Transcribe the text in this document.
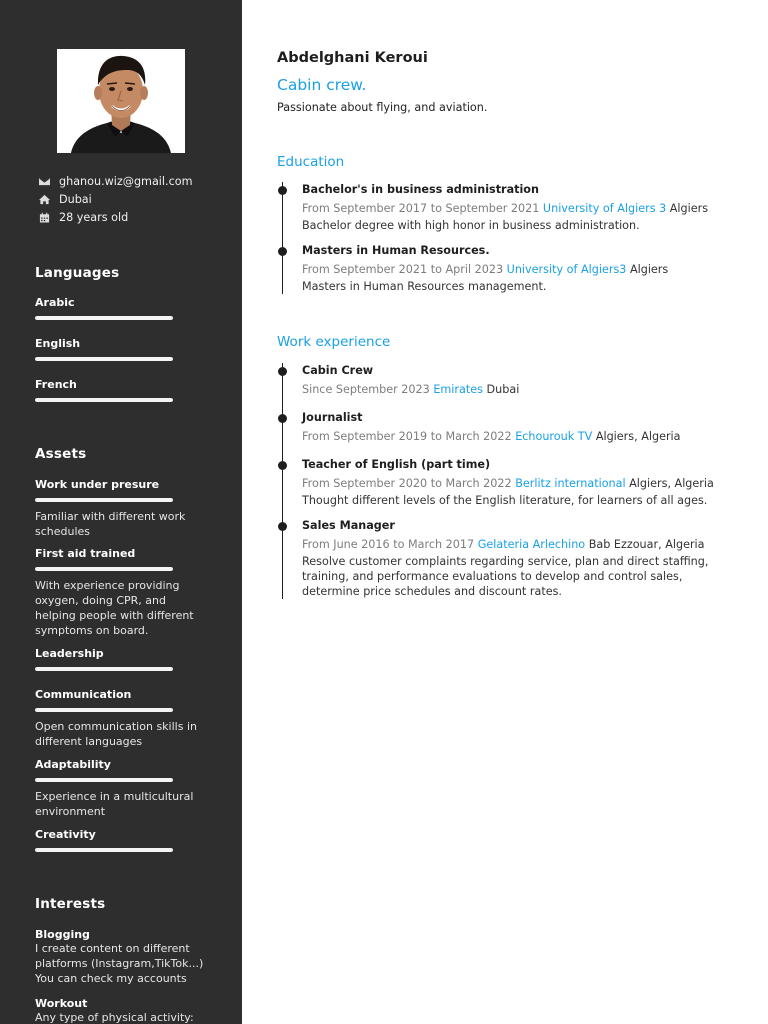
ghanou.wiz@gmail.com
Dubai
28 years old
Languages
Arabic
English
French
Assets
Work under presure
Familiar with different work schedules
First aid trained
With experience providing oxygen, doing CPR, and helping people with different symptoms on board.
Leadership
Communication
Open communication skills in different languages
Adaptability
Experience in a multicultural environment
Creativity
Interests
Blogging
I create content on different platforms (Instagram,TikTok...) You can check my accounts
Workout
Any type of physical activity:
Abdelghani Keroui
Cabin crew.
Passionate about flying, and aviation.
Education
Bachelor's in business administration
From September 2017 to September 2021 University of Algiers 3 Algiers
Bachelor degree with high honor in business administration.
Masters in Human Resources.
From September 2021 to April 2023 University of Algiers3 Algiers
Masters in Human Resources management.
Work experience
Cabin Crew
Since September 2023 Emirates Dubai
Journalist
From September 2019 to March 2022 Echourouk TV Algiers, Algeria
Teacher of English (part time)
From September 2020 to March 2022 Berlitz international Algiers, Algeria
Thought different levels of the English literature, for learners of all ages.
Sales Manager
From June 2016 to March 2017 Gelateria Arlechino Bab Ezzouar, Algeria
Resolve customer complaints regarding service, plan and direct staffing, training, and performance evaluations to develop and control sales, determine price schedules and discount rates.
